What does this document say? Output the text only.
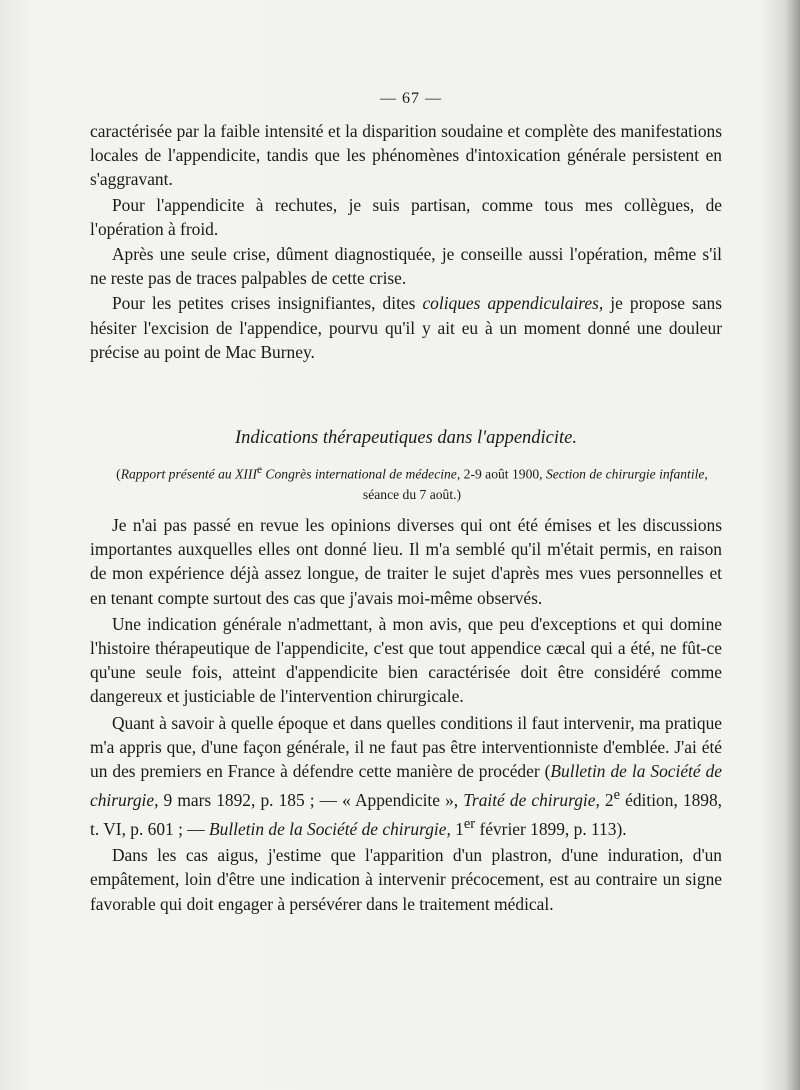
— 67 —

caractérisée par la faible intensité et la disparition soudaine et complète des manifestations locales de l'appendicite, tandis que les phénomènes d'intoxication générale persistent en s'aggravant.

Pour l'appendicite à rechutes, je suis partisan, comme tous mes collègues, de l'opération à froid.

Après une seule crise, dûment diagnostiquée, je conseille aussi l'opération, même s'il ne reste pas de traces palpables de cette crise.

Pour les petites crises insignifiantes, dites coliques appendiculaires, je propose sans hésiter l'excision de l'appendice, pourvu qu'il y ait eu à un moment donné une douleur précise au point de Mac Burney.

Indications thérapeutiques dans l'appendicite.
(Rapport présenté au XIIIe Congrès international de médecine, 2-9 août 1900, Section de chirurgie infantile, séance du 7 août.)

Je n'ai pas passé en revue les opinions diverses qui ont été émises et les discussions importantes auxquelles elles ont donné lieu. Il m'a semblé qu'il m'était permis, en raison de mon expérience déjà assez longue, de traiter le sujet d'après mes vues personnelles et en tenant compte surtout des cas que j'avais moi-même observés.

Une indication générale n'admettant, à mon avis, que peu d'exceptions et qui domine l'histoire thérapeutique de l'appendicite, c'est que tout appendice cæcal qui a été, ne fût-ce qu'une seule fois, atteint d'appendicite bien caractérisée doit être considéré comme dangereux et justiciable de l'intervention chirurgicale.

Quant à savoir à quelle époque et dans quelles conditions il faut intervenir, ma pratique m'a appris que, d'une façon générale, il ne faut pas être interventionniste d'emblée. J'ai été un des premiers en France à défendre cette manière de procéder (Bulletin de la Société de chirurgie, 9 mars 1892, p. 185 ; — « Appendicite », Traité de chirurgie, 2e édition, 1898, t. VI, p. 601 ; — Bulletin de la Société de chirurgie, 1er février 1899, p. 113).

Dans les cas aigus, j'estime que l'apparition d'un plastron, d'une induration, d'un empâtement, loin d'être une indication à intervenir précocement, est au contraire un signe favorable qui doit engager à persévérer dans le traitement médical.
